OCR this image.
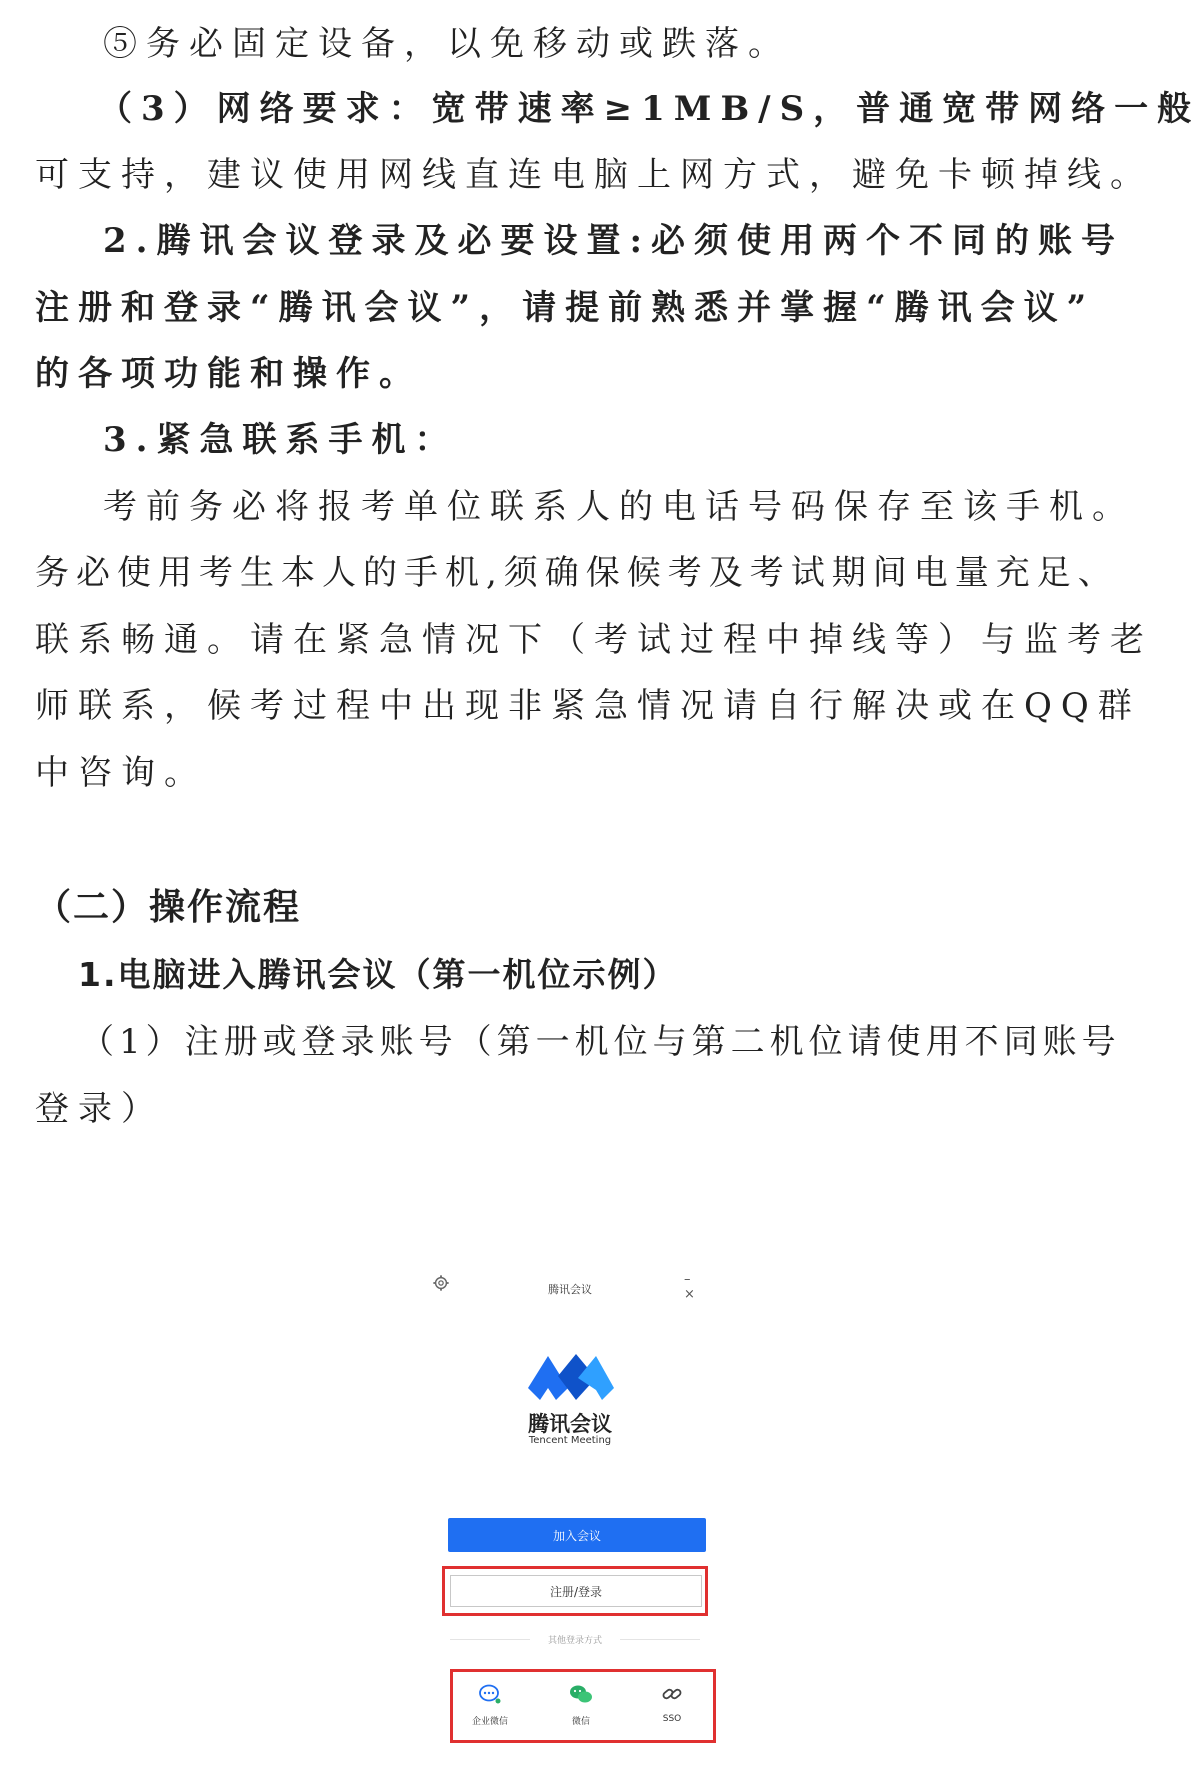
⑤务必固定设备，以免移动或跌落。
（3）网络要求：宽带速率≥1MB/S，普通宽带网络一般
可支持，建议使用网线直连电脑上网方式，避免卡顿掉线。
2.腾讯会议登录及必要设置:必须使用两个不同的账号
注册和登录“腾讯会议”，请提前熟悉并掌握“腾讯会议”
的各项功能和操作。
3.紧急联系手机：
考前务必将报考单位联系人的电话号码保存至该手机。
务必使用考生本人的手机,须确保候考及考试期间电量充足、
联系畅通。请在紧急情况下（考试过程中掉线等）与监考老
师联系，候考过程中出现非紧急情况请自行解决或在QQ群
中咨询。
（二）操作流程
1.电脑进入腾讯会议（第一机位示例）
（1）注册或登录账号（第一机位与第二机位请使用不同账号
登录）
腾讯会议
– ×
腾讯会议
Tencent Meeting
加入会议
注册/登录
其他登录方式
企业微信	微信	SSO
